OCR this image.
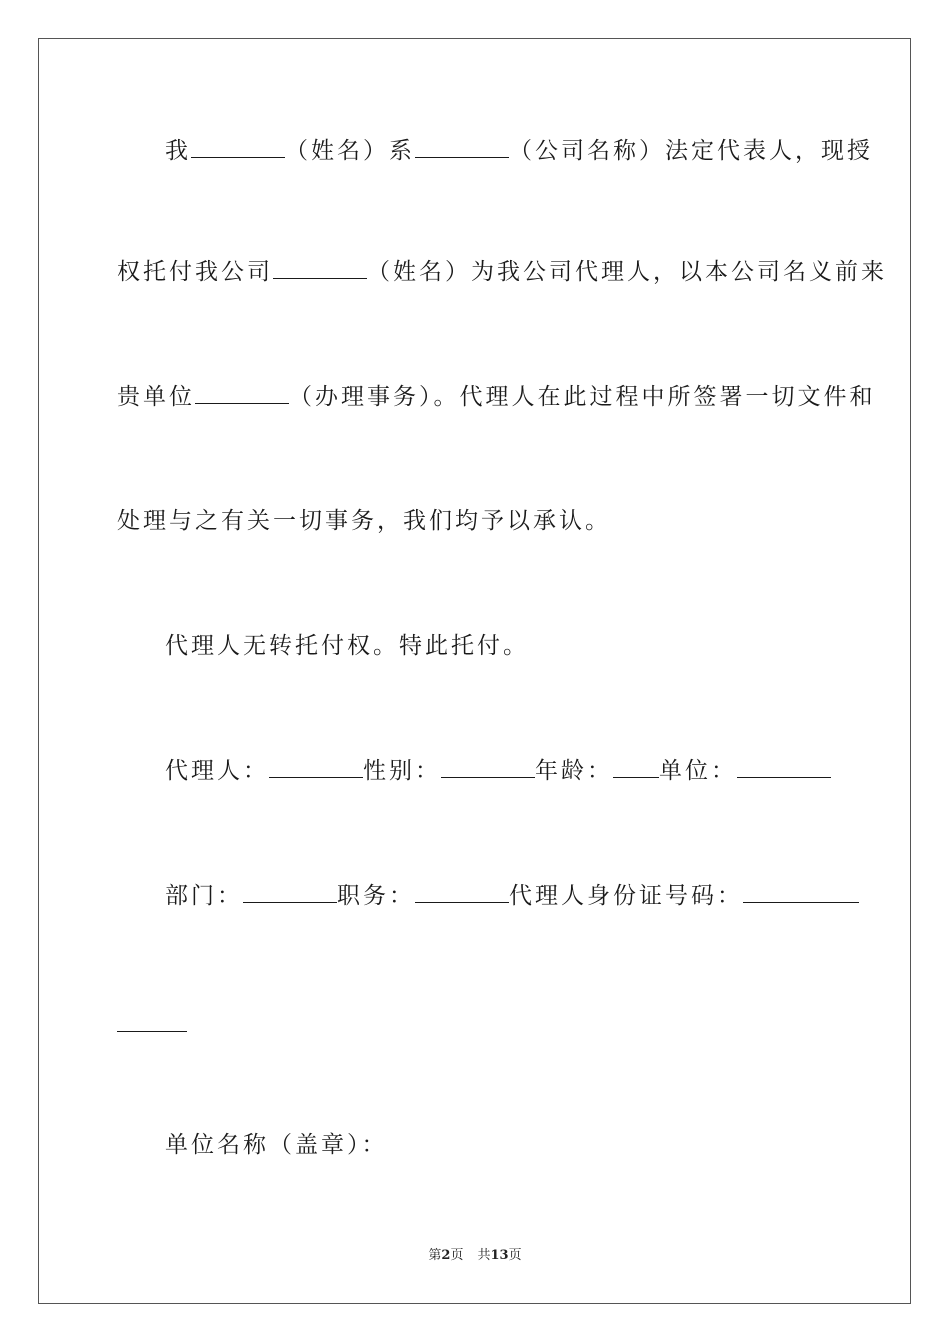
我	（姓名）系	（公司名称）法定代表人，现授
权托付我公司	（姓名）为我公司代理人，以本公司名义前来
贵单位	（办理事务）。代理人在此过程中所签署一切文件和
处理与之有关一切事务，我们均予以承认。
代理人无转托付权。特此托付。
代理人：	性别：	年龄： 单位：
部门：	职务：	代理人身份证号码：
单位名称（盖章）：
第2页 共13页
